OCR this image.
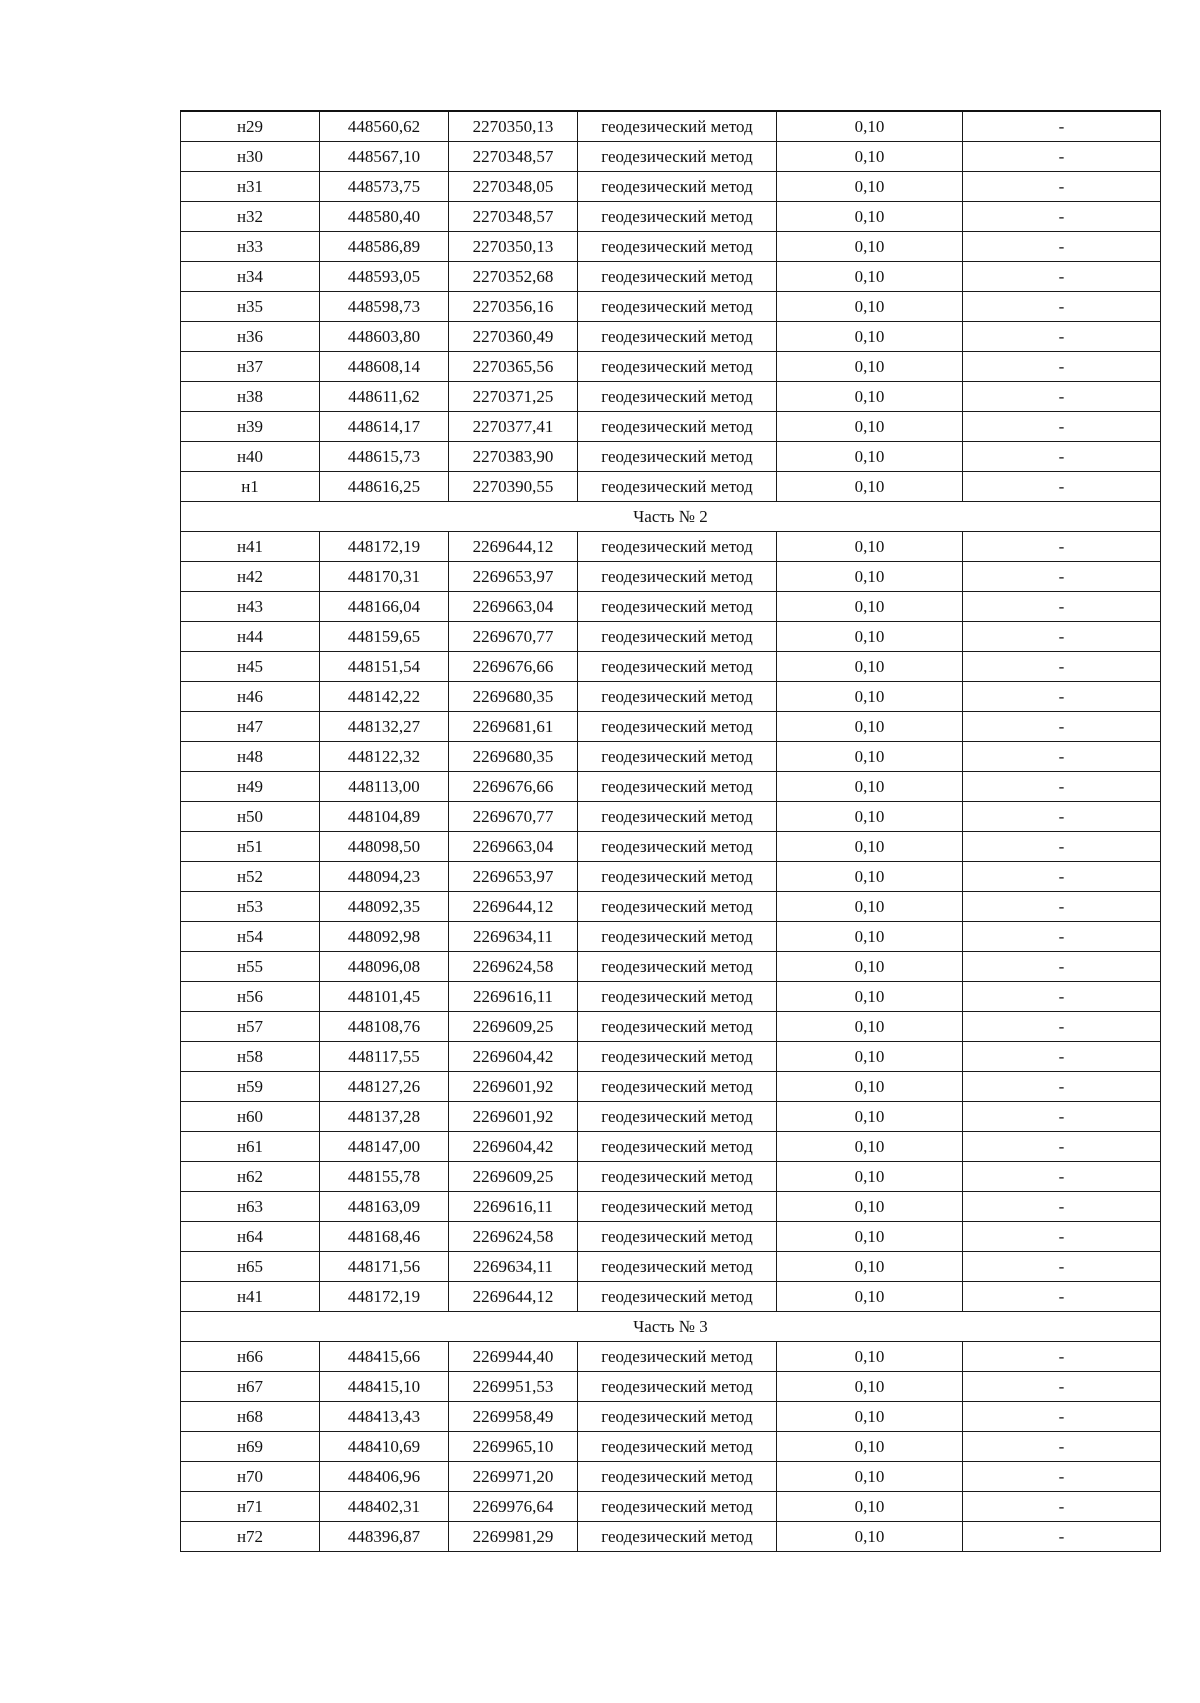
н29	448560,62	2270350,13	геодезический метод	0,10	-
н30	448567,10	2270348,57	геодезический метод	0,10	-
н31	448573,75	2270348,05	геодезический метод	0,10	-
н32	448580,40	2270348,57	геодезический метод	0,10	-
н33	448586,89	2270350,13	геодезический метод	0,10	-
н34	448593,05	2270352,68	геодезический метод	0,10	-
н35	448598,73	2270356,16	геодезический метод	0,10	-
н36	448603,80	2270360,49	геодезический метод	0,10	-
н37	448608,14	2270365,56	геодезический метод	0,10	-
н38	448611,62	2270371,25	геодезический метод	0,10	-
н39	448614,17	2270377,41	геодезический метод	0,10	-
н40	448615,73	2270383,90	геодезический метод	0,10	-
н1	448616,25	2270390,55	геодезический метод	0,10	-
Часть № 2					
н41	448172,19	2269644,12	геодезический метод	0,10	-
н42	448170,31	2269653,97	геодезический метод	0,10	-
н43	448166,04	2269663,04	геодезический метод	0,10	-
н44	448159,65	2269670,77	геодезический метод	0,10	-
н45	448151,54	2269676,66	геодезический метод	0,10	-
н46	448142,22	2269680,35	геодезический метод	0,10	-
н47	448132,27	2269681,61	геодезический метод	0,10	-
н48	448122,32	2269680,35	геодезический метод	0,10	-
н49	448113,00	2269676,66	геодезический метод	0,10	-
н50	448104,89	2269670,77	геодезический метод	0,10	-
н51	448098,50	2269663,04	геодезический метод	0,10	-
н52	448094,23	2269653,97	геодезический метод	0,10	-
н53	448092,35	2269644,12	геодезический метод	0,10	-
н54	448092,98	2269634,11	геодезический метод	0,10	-
н55	448096,08	2269624,58	геодезический метод	0,10	-
н56	448101,45	2269616,11	геодезический метод	0,10	-
н57	448108,76	2269609,25	геодезический метод	0,10	-
н58	448117,55	2269604,42	геодезический метод	0,10	-
н59	448127,26	2269601,92	геодезический метод	0,10	-
н60	448137,28	2269601,92	геодезический метод	0,10	-
н61	448147,00	2269604,42	геодезический метод	0,10	-
н62	448155,78	2269609,25	геодезический метод	0,10	-
н63	448163,09	2269616,11	геодезический метод	0,10	-
н64	448168,46	2269624,58	геодезический метод	0,10	-
н65	448171,56	2269634,11	геодезический метод	0,10	-
н41	448172,19	2269644,12	геодезический метод	0,10	-
Часть № 3					
н66	448415,66	2269944,40	геодезический метод	0,10	-
н67	448415,10	2269951,53	геодезический метод	0,10	-
н68	448413,43	2269958,49	геодезический метод	0,10	-
н69	448410,69	2269965,10	геодезический метод	0,10	-
н70	448406,96	2269971,20	геодезический метод	0,10	-
н71	448402,31	2269976,64	геодезический метод	0,10	-
н72	448396,87	2269981,29	геодезический метод	0,10	-
